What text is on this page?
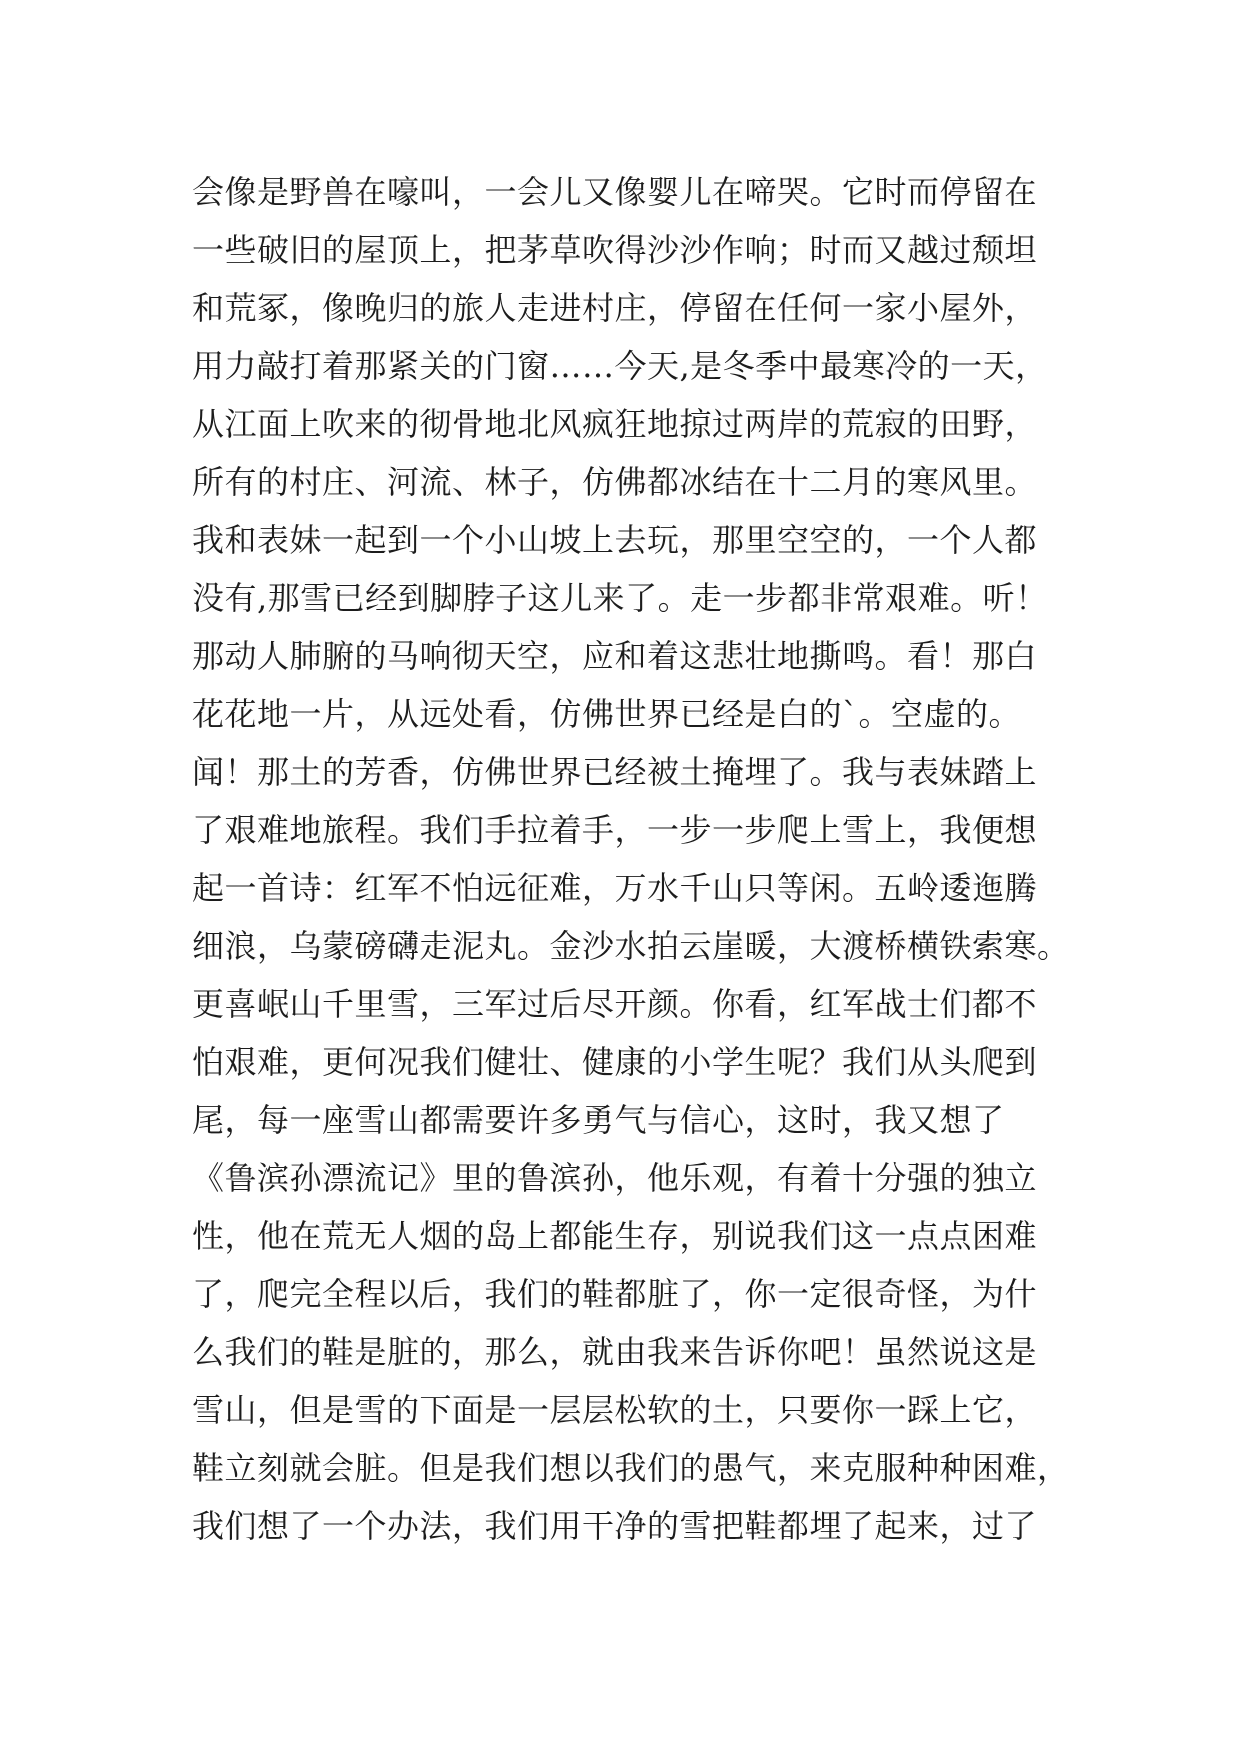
会像是野兽在嚎叫，一会儿又像婴儿在啼哭。它时而停留在
一些破旧的屋顶上，把茅草吹得沙沙作响；时而又越过颓坦
和荒冢，像晚归的旅人走进村庄，停留在任何一家小屋外，
用力敲打着那紧关的门窗……今天,是冬季中最寒冷的一天，
从江面上吹来的彻骨地北风疯狂地掠过两岸的荒寂的田野，
所有的村庄、河流、林子，仿佛都冰结在十二月的寒风里。
我和表妹一起到一个小山坡上去玩，那里空空的，一个人都
没有,那雪已经到脚脖子这儿来了。走一步都非常艰难。听！
那动人肺腑的马响彻天空，应和着这悲壮地撕鸣。看！那白
花花地一片，从远处看，仿佛世界已经是白的`。空虚的。
闻！那土的芳香，仿佛世界已经被土掩埋了。我与表妹踏上
了艰难地旅程。我们手拉着手，一步一步爬上雪上，我便想
起一首诗：红军不怕远征难，万水千山只等闲。五岭逶迤腾
细浪，乌蒙磅礴走泥丸。金沙水拍云崖暖，大渡桥横铁索寒。
更喜岷山千里雪，三军过后尽开颜。你看，红军战士们都不
怕艰难，更何况我们健壮、健康的小学生呢？我们从头爬到
尾，每一座雪山都需要许多勇气与信心，这时，我又想了
《鲁滨孙漂流记》里的鲁滨孙，他乐观，有着十分强的独立
性，他在荒无人烟的岛上都能生存，别说我们这一点点困难
了，爬完全程以后，我们的鞋都脏了，你一定很奇怪，为什
么我们的鞋是脏的，那么，就由我来告诉你吧！虽然说这是
雪山，但是雪的下面是一层层松软的土，只要你一踩上它，
鞋立刻就会脏。但是我们想以我们的愚气，来克服种种困难，
我们想了一个办法，我们用干净的雪把鞋都埋了起来，过了
